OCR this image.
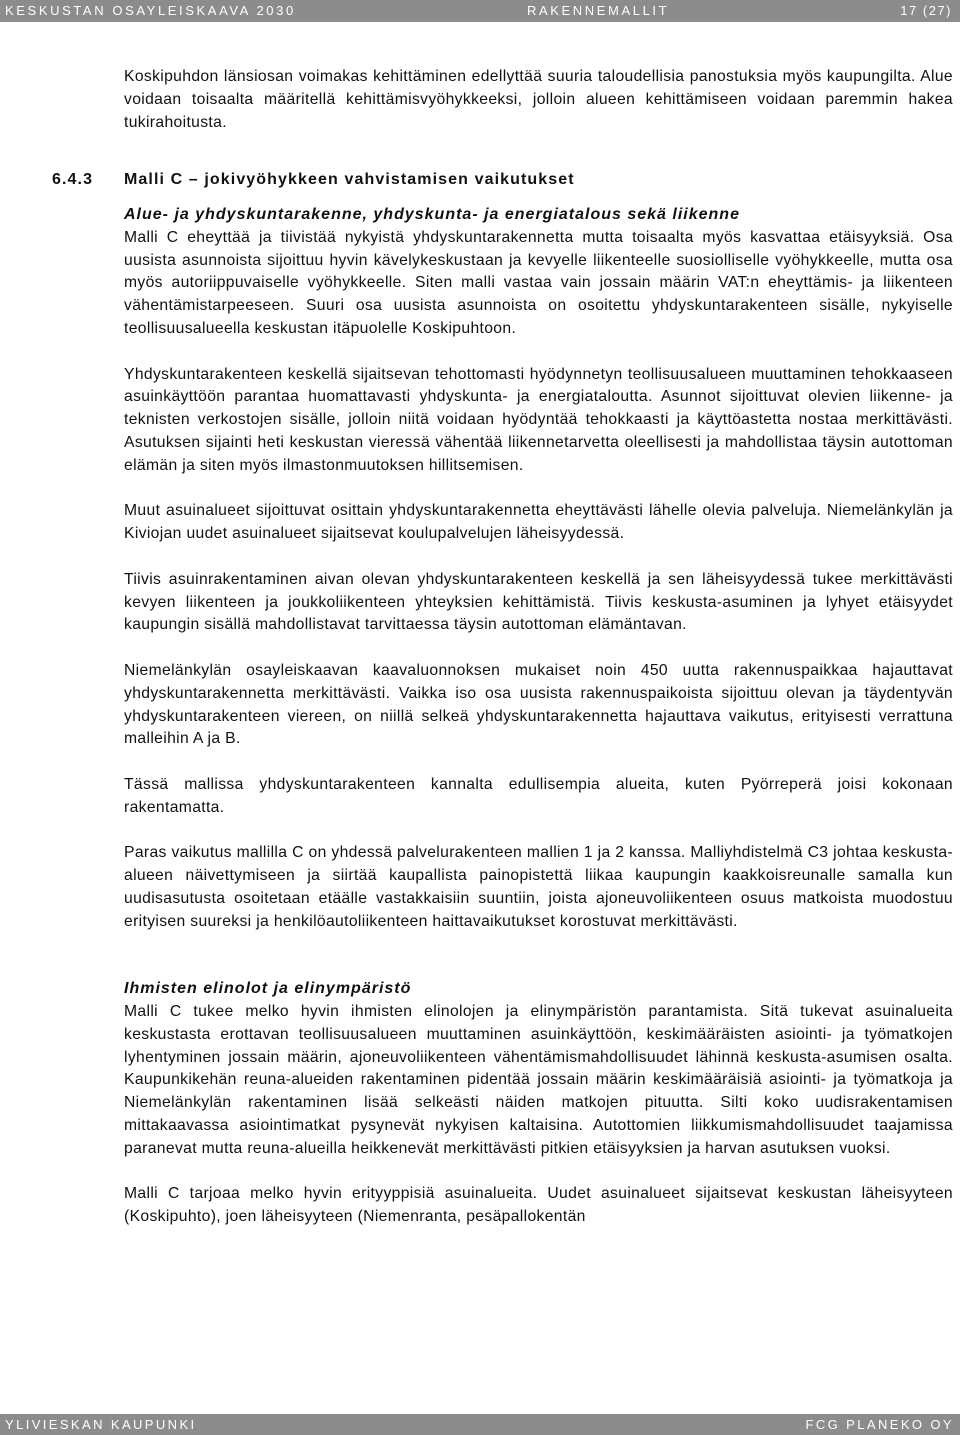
KESKUSTAN OSAYLEISKAAVA 2030	RAKENNEMALLIT	17 (27)

Koskipuhdon länsiosan voimakas kehittäminen edellyttää suuria taloudellisia panostuksia myös kaupungilta. Alue voidaan toisaalta määritellä kehittämisvyöhykkeeksi, jolloin alueen kehittämiseen voidaan paremmin hakea tukirahoitusta.

6.4.3 Malli C – jokivyöhykkeen vahvistamisen vaikutukset
Alue- ja yhdyskuntarakenne, yhdyskunta- ja energiatalous sekä liikenne

Malli C eheyttää ja tiivistää nykyistä yhdyskuntarakennetta mutta toisaalta myös kasvattaa etäisyyksiä. Osa uusista asunnoista sijoittuu hyvin kävelykeskustaan ja kevyelle liikenteelle suosiolliselle vyöhykkeelle, mutta osa myös autoriippuvaiselle vyöhykkeelle. Siten malli vastaa vain jossain määrin VAT:n eheyttämis- ja liikenteen vähentämistarpeeseen. Suuri osa uusista asunnoista on osoitettu yhdyskuntarakenteen sisälle, nykyiselle teollisuusalueella keskustan itäpuolelle Koskipuhtoon.

Yhdyskuntarakenteen keskellä sijaitsevan tehottomasti hyödynnetyn teollisuusalueen muuttaminen tehokkaaseen asuinkäyttöön parantaa huomattavasti yhdyskunta- ja energiataloutta. Asunnot sijoittuvat olevien liikenne- ja teknisten verkostojen sisälle, jolloin niitä voidaan hyödyntää tehokkaasti ja käyttöastetta nostaa merkittävästi. Asutuksen sijainti heti keskustan vieressä vähentää liikennetarvetta oleellisesti ja mahdollistaa täysin autottoman elämän ja siten myös ilmastonmuutoksen hillitsemisen.

Muut asuinalueet sijoittuvat osittain yhdyskuntarakennetta eheyttävästi lähelle olevia palveluja. Niemelänkylän ja Kiviojan uudet asuinalueet sijaitsevat koulupalvelujen läheisyydessä.

Tiivis asuinrakentaminen aivan olevan yhdyskuntarakenteen keskellä ja sen läheisyydessä tukee merkittävästi kevyen liikenteen ja joukkoliikenteen yhteyksien kehittämistä. Tiivis keskusta-asuminen ja lyhyet etäisyydet kaupungin sisällä mahdollistavat tarvittaessa täysin autottoman elämäntavan.

Niemelänkylän osayleiskaavan kaavaluonnoksen mukaiset noin 450 uutta rakennuspaikkaa hajauttavat yhdyskuntarakennetta merkittävästi. Vaikka iso osa uusista rakennuspaikoista sijoittuu olevan ja täydentyvän yhdyskuntarakenteen viereen, on niillä selkeä yhdyskuntarakennetta hajauttava vaikutus, erityisesti verrattuna malleihin A ja B.

Tässä mallissa yhdyskuntarakenteen kannalta edullisempia alueita, kuten Pyörreperä joisi kokonaan rakentamatta.

Paras vaikutus mallilla C on yhdessä palvelurakenteen mallien 1 ja 2 kanssa. Malliyhdistelmä C3 johtaa keskusta-alueen näivettymiseen ja siirtää kaupallista painopistettä liikaa kaupungin kaakkoisreunalle samalla kun uudisasutusta osoitetaan etäälle vastakkaisiin suuntiin, joista ajoneuvoliikenteen osuus matkoista muodostuu erityisen suureksi ja henkilöautoliikenteen haittavaikutukset korostuvat merkittävästi.

Ihmisten elinolot ja elinympäristö

Malli C tukee melko hyvin ihmisten elinolojen ja elinympäristön parantamista. Sitä tukevat asuinalueita keskustasta erottavan teollisuusalueen muuttaminen asuinkäyttöön, keskimääräisten asiointi- ja työmatkojen lyhentyminen jossain määrin, ajoneuvoliikenteen vähentämismahdollisuudet lähinnä keskusta-asumisen osalta. Kaupunkikehän reuna-alueiden rakentaminen pidentää jossain määrin keskimääräisiä asiointi- ja työmatkoja ja Niemelänkylän rakentaminen lisää selkeästi näiden matkojen pituutta. Silti koko uudisrakentamisen mittakaavassa asiointimatkat pysynevät nykyisen kaltaisina. Autottomien liikkumismahdollisuudet taajamissa paranevat mutta reuna-alueilla heikkenevät merkittävästi pitkien etäisyyksien ja harvan asutuksen vuoksi.

Malli C tarjoaa melko hyvin erityyppisiä asuinalueita. Uudet asuinalueet sijaitsevat keskustan läheisyyteen (Koskipuhto), joen läheisyyteen (Niemenranta, pesäpallokentän

YLIVIESKAN KAUPUNKI	FCG PLANEKO OY
